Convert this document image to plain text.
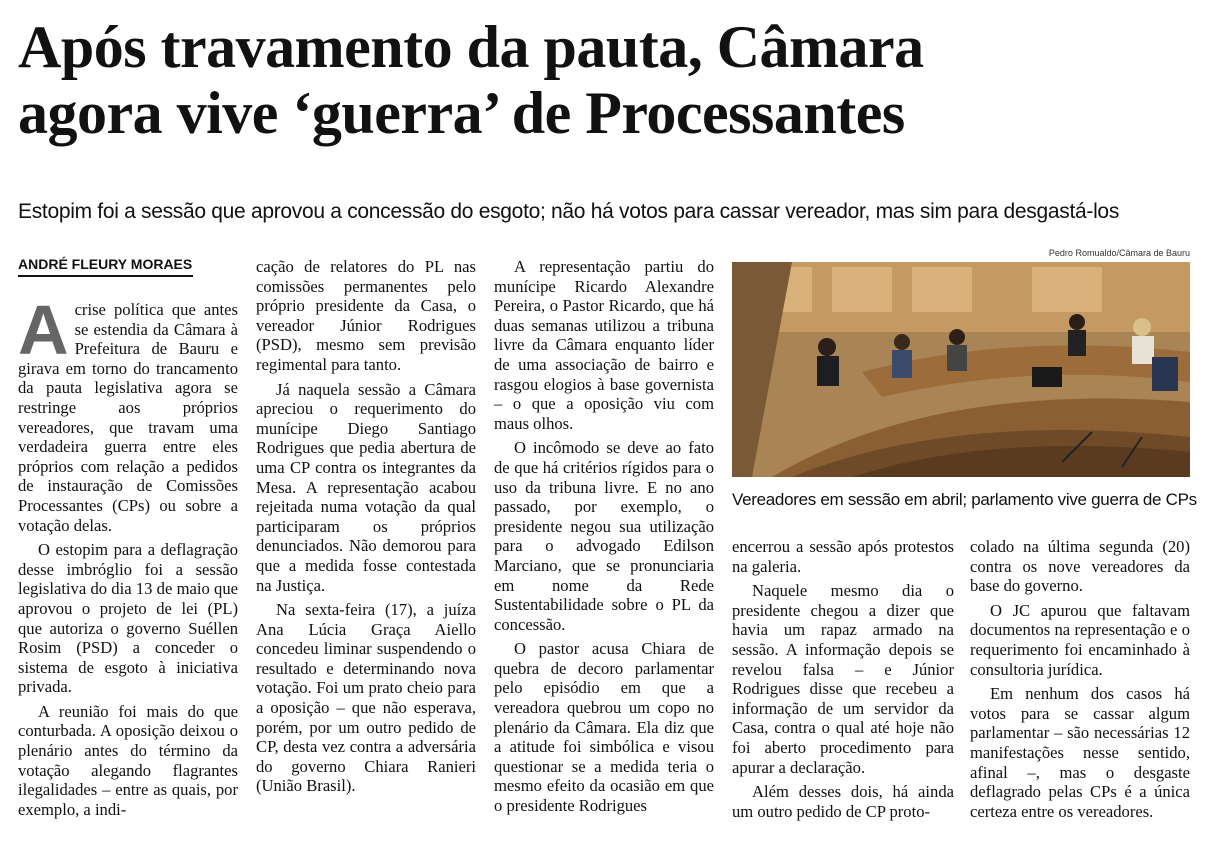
Após travamento da pauta, Câmara
agora vive ‘guerra’ de Processantes
Estopim foi a sessão que aprovou a concessão do esgoto; não há votos para cassar vereador, mas sim para desgastá-los
ANDRÉ FLEURY MORAES
A crise política que antes se estendia da Câmara à Prefeitura de Bauru e girava em torno do trancamento da pauta legislativa agora se restringe aos próprios vereadores, que travam uma verdadeira guerra entre eles próprios com relação a pedidos de instauração de Comissões Processantes (CPs) ou sobre a votação delas.

O estopim para a deflagração desse imbróglio foi a sessão legislativa do dia 13 de maio que aprovou o projeto de lei (PL) que autoriza o governo Suéllen Rosim (PSD) a conceder o sistema de esgoto à iniciativa privada.

A reunião foi mais do que conturbada. A oposição deixou o plenário antes do término da votação alegando flagrantes ilegalidades – entre as quais, por exemplo, a indi-

cação de relatores do PL nas comissões permanentes pelo próprio presidente da Casa, o vereador Júnior Rodrigues (PSD), mesmo sem previsão regimental para tanto.

Já naquela sessão a Câmara apreciou o requerimento do munícipe Diego Santiago Rodrigues que pedia abertura de uma CP contra os integrantes da Mesa. A representação acabou rejeitada numa votação da qual participaram os próprios denunciados. Não demorou para que a medida fosse contestada na Justiça.

Na sexta-feira (17), a juíza Ana Lúcia Graça Aiello concedeu liminar suspendendo o resultado e determinando nova votação. Foi um prato cheio para a oposição – que não esperava, porém, por um outro pedido de CP, desta vez contra a adversária do governo Chiara Ranieri (União Brasil).

A representação partiu do munícipe Ricardo Alexandre Pereira, o Pastor Ricardo, que há duas semanas utilizou a tribuna livre da Câmara enquanto líder de uma associação de bairro e rasgou elogios à base governista – o que a oposição viu com maus olhos.

O incômodo se deve ao fato de que há critérios rígidos para o uso da tribuna livre. E no ano passado, por exemplo, o presidente negou sua utilização para o advogado Edilson Marciano, que se pronunciaria em nome da Rede Sustentabilidade sobre o PL da concessão.

O pastor acusa Chiara de quebra de decoro parlamentar pelo episódio em que a vereadora quebrou um copo no plenário da Câmara. Ela diz que a atitude foi simbólica e visou questionar se a medida teria o mesmo efeito da ocasião em que o presidente Rodrigues

Pedro Romualdo/Câmara de Bauru
Vereadores em sessão em abril; parlamento vive guerra de CPs

encerrou a sessão após protestos na galeria.

Naquele mesmo dia o presidente chegou a dizer que havia um rapaz armado na sessão. A informação depois se revelou falsa – e Júnior Rodrigues disse que recebeu a informação de um servidor da Casa, contra o qual até hoje não foi aberto procedimento para apurar a declaração.

Além desses dois, há ainda um outro pedido de CP proto-

colado na última segunda (20) contra os nove vereadores da base do governo.

O JC apurou que faltavam documentos na representação e o requerimento foi encaminhado à consultoria jurídica.

Em nenhum dos casos há votos para se cassar algum parlamentar – são necessárias 12 manifestações nesse sentido, afinal –, mas o desgaste deflagrado pelas CPs é a única certeza entre os vereadores.
